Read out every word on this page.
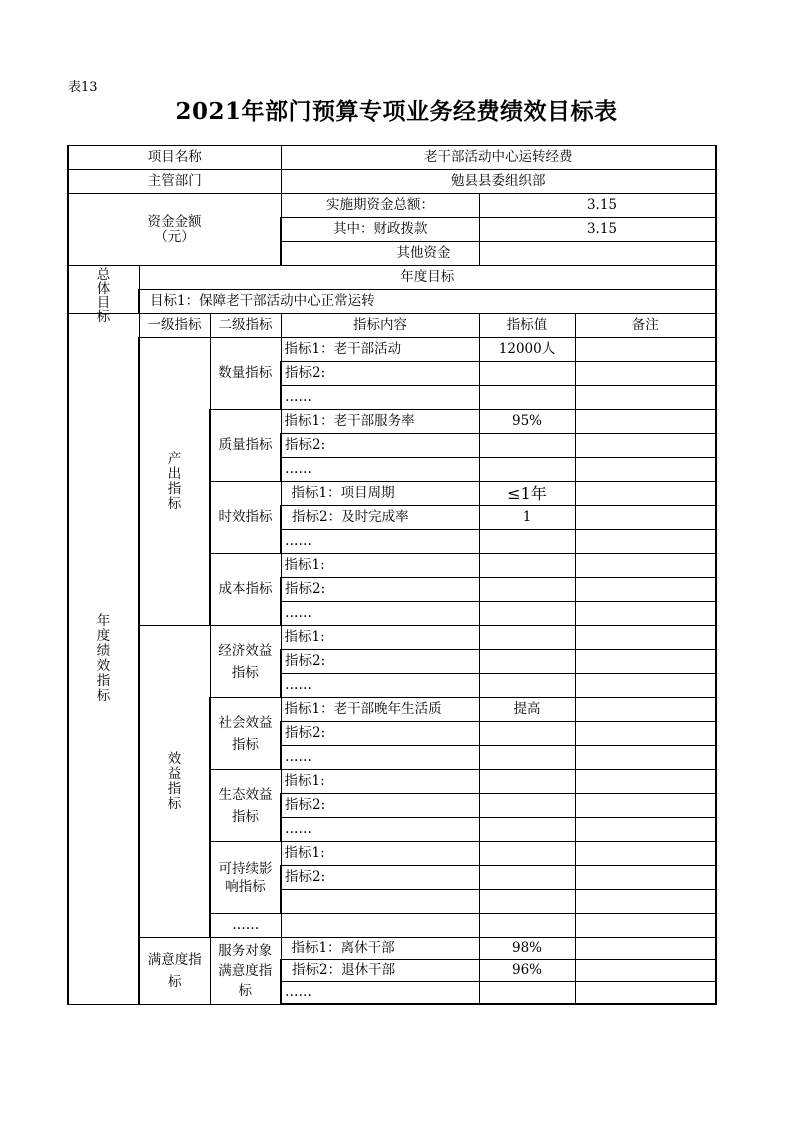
表13
2021年部门预算专项业务经费绩效目标表
项目名称			老干部活动中心运转经费		
主管部门			勉县县委组织部		

资金金额
（元）			实施期资金总额：	3.15	
			其中：财政拨款	3.15	
			其他资金		

总体目标	年度目标				
	目标1：保障老干部活动中心正常运转				

年度绩效指标	一级指标	二级指标	指标内容	指标值	备注

	产出指标	数量指标	指标1：老干部活动	12000人	
			指标2:		
			……		
		质量指标	指标1：老干部服务率	95%	
			指标2:		
			……		
		时效指标	指标1：项目周期	≤1年	
			指标2：及时完成率	1	
			……		
		成本指标	指标1:		
			指标2:		
			……		

	效益指标	经济效益指标	指标1:		
			指标2:		
			……		
		社会效益指标	指标1：老干部晚年生活质	提高	
			指标2:		
			……		
		生态效益指标	指标1:		
			指标2:		
			……		
		可持续影响指标	指标1:		
			指标2:		

		……			
	满意度指标	服务对象满意度指标	指标1：离休干部	98%	
			指标2：退休干部	96%	
			……		
